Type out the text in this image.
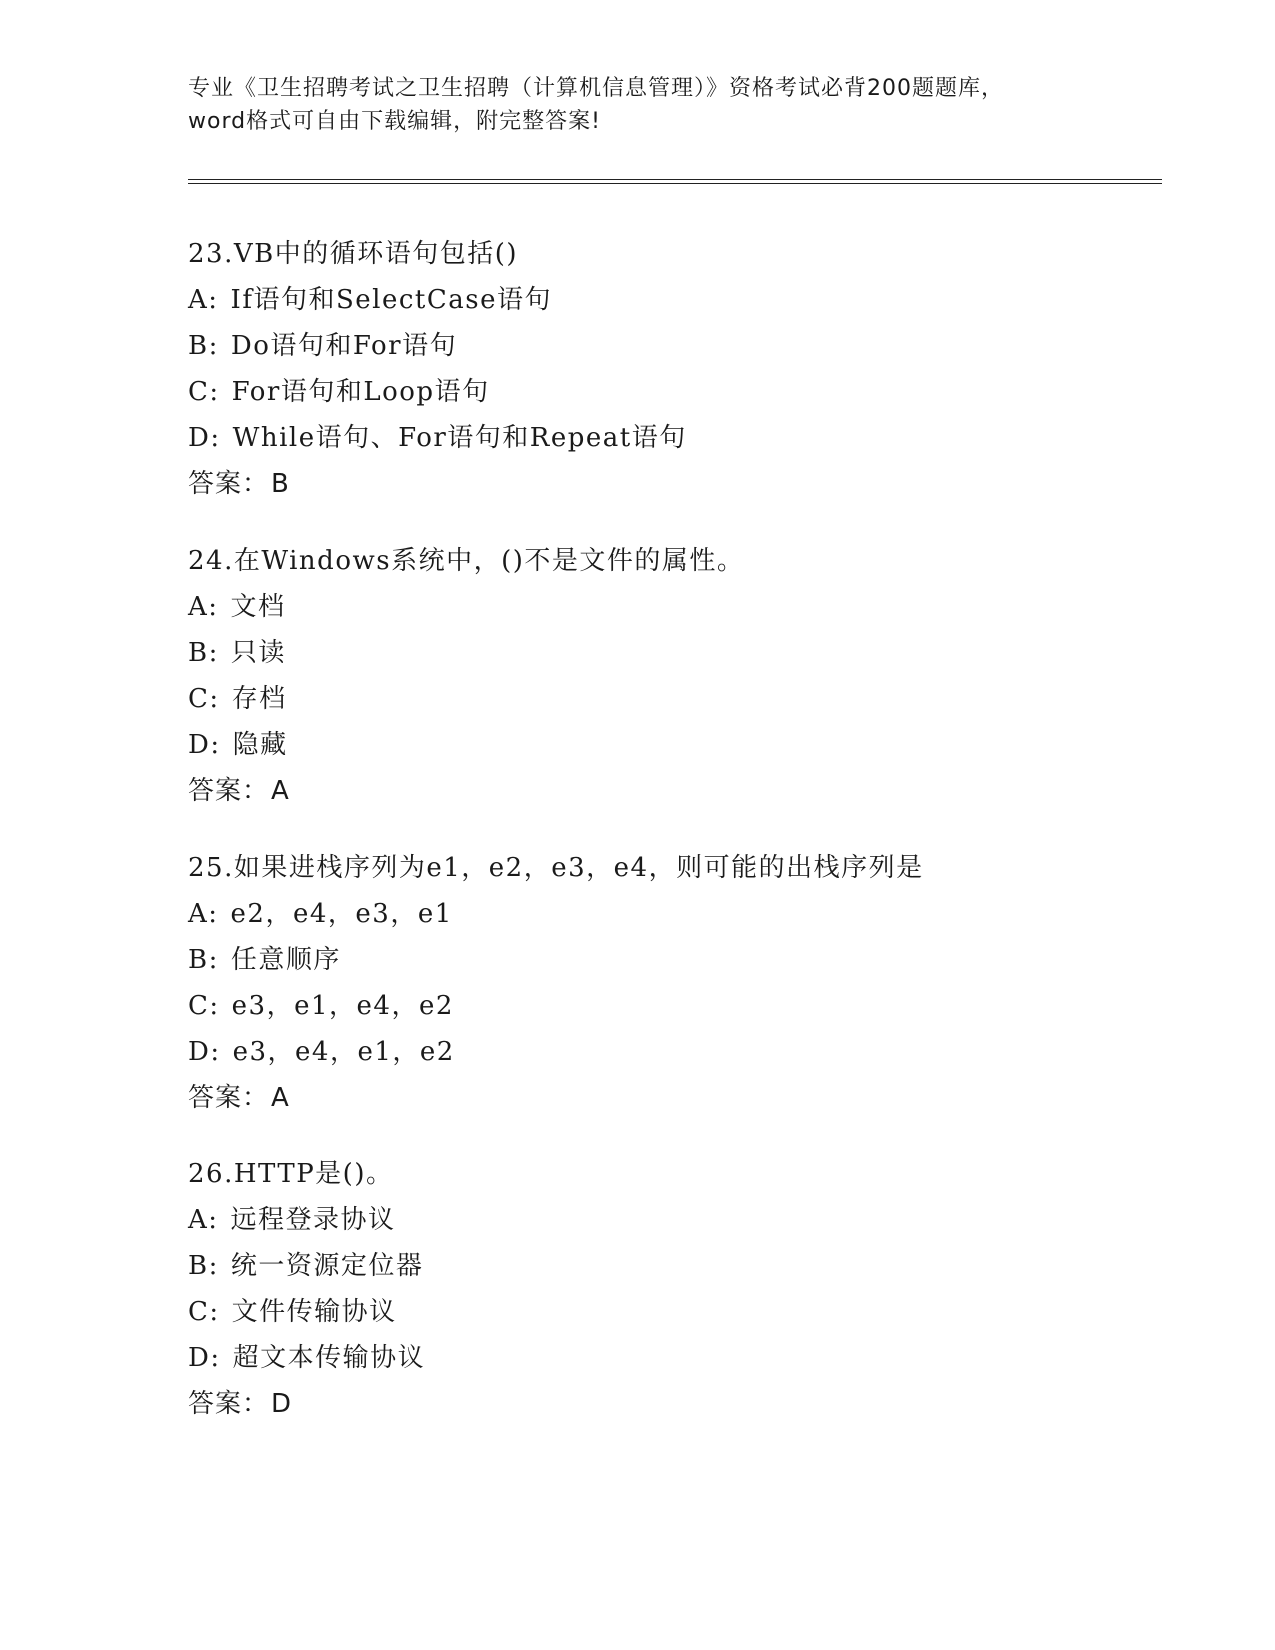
专业《卫生招聘考试之卫生招聘（计算机信息管理）》资格考试必背200题题库，
word格式可自由下载编辑，附完整答案!
23.VB中的循环语句包括()
A: If语句和SelectCase语句
B: Do语句和For语句
C: For语句和Loop语句
D: While语句、For语句和Repeat语句
答案：B
24.在Windows系统中，()不是文件的属性。
A: 文档
B: 只读
C: 存档
D: 隐藏
答案：A
25.如果进栈序列为e1，e2，e3，e4，则可能的出栈序列是
A: e2，e4，e3，e1
B: 任意顺序
C: e3，e1，e4，e2
D: e3，e4，e1，e2
答案：A
26.HTTP是()。
A: 远程登录协议
B: 统一资源定位器
C: 文件传输协议
D: 超文本传输协议
答案：D
